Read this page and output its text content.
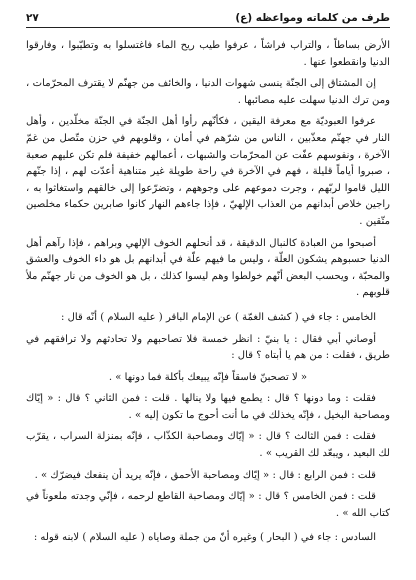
طرف من كلماته ومواعظه (ع)
٢٧

الأرض بساطاً ، والتراب فراشاً ، عرفوا طيب ريح الماء فاغتسلوا به وتطيّبوا ، وفارقوا الدنيا وانقطعوا عنها .

إن المشتاق إلى الجنّة ينسى شهوات الدنيا ، والخائف من جهنّم لا يقترف المحرّمات ، ومن ترك الدنيا سهلت عليه مصائبها .

عرفوا العبوديّة مع معرفة اليقين ، فكأنّهم رأوا أهل الجنّة في الجنّة مخلّدين ، وأهل النار في جهنّم معذّبين ، الناس من شرّهم في أمان ، وقلوبهم في حزن متّصل من غمّ الآخرة ، ونفوسهم عفّت عن المحرّمات والشبهات ، أعمالهم خفيفة فلم تكن عليهم صعبة ، صبروا أياماً قليلة ، فهم في الآخرة في راحة طويلة غير متناهية أعدّت لهم ، إذا جنّهم الليل قاموا لربّهم ، وجرت دموعهم على وجوههم ، وتضرّعوا إلى خالقهم واستغاثوا به ، راجين خلاص أبدانهم من العذاب الإلهيّ ، فإذا جاءهم النهار كانوا صابرين حكماء مخلصين متّقين .

أصبحوا من العبادة كالنبال الدقيقة ، قد أنحلهم الخوف الإلهي وبراهم ، فإذا رآهم أهل الدنيا حسبوهم يشكون العلّة ، وليس ما فيهم علّة في أبدانهم بل هو داء الخوف والعشق والمحبّة ، ويحسب البعض أنّهم خولطوا وهم ليسوا كذلك ، بل هو الخوف من نار جهنّم ملأ قلوبهم .

الخامس : جاء في ( كشف الغمّة ) عن الإمام الباقر ( عليه السلام ) أنّه قال :

أوصاني أبي فقال : يا بنيّ : انظر خمسة فلا تصاحبهم ولا تحادثهم ولا ترافقهم في طريق ، فقلت : من هم يا أبتاه ؟ قال :

« لا تصحبنّ فاسقاً فإنّه يبيعك بأكلة فما دونها » .

فقلت : وما دونها ؟ قال : يطمع فيها ولا ينالها . قلت : فمن الثاني ؟ قال : « إيّاك ومصاحبة البخيل ، فإنّه يخذلك في ما أنت أحوج ما تكون إليه » .

فقلت : فمن الثالث ؟ قال : « إيّاك ومصاحبة الكذّاب ، فإنّه بمنزلة السراب ، يقرّب لك البعيد ، ويبعّد لك القريب » .

قلت : فمن الرابع : قال : « إيّاك ومصاحبة الأحمق ، فإنّه يريد أن ينفعك فيضرّك » .

قلت : فمن الخامس ؟ قال : « إيّاك ومصاحبة القاطع لرحمه ، فإنّي وجدته ملعوناً في كتاب الله » .

السادس : جاء في ( البحار ) وغيره أنّ من جملة وصاياه ( عليه السلام ) لابنه قوله :
